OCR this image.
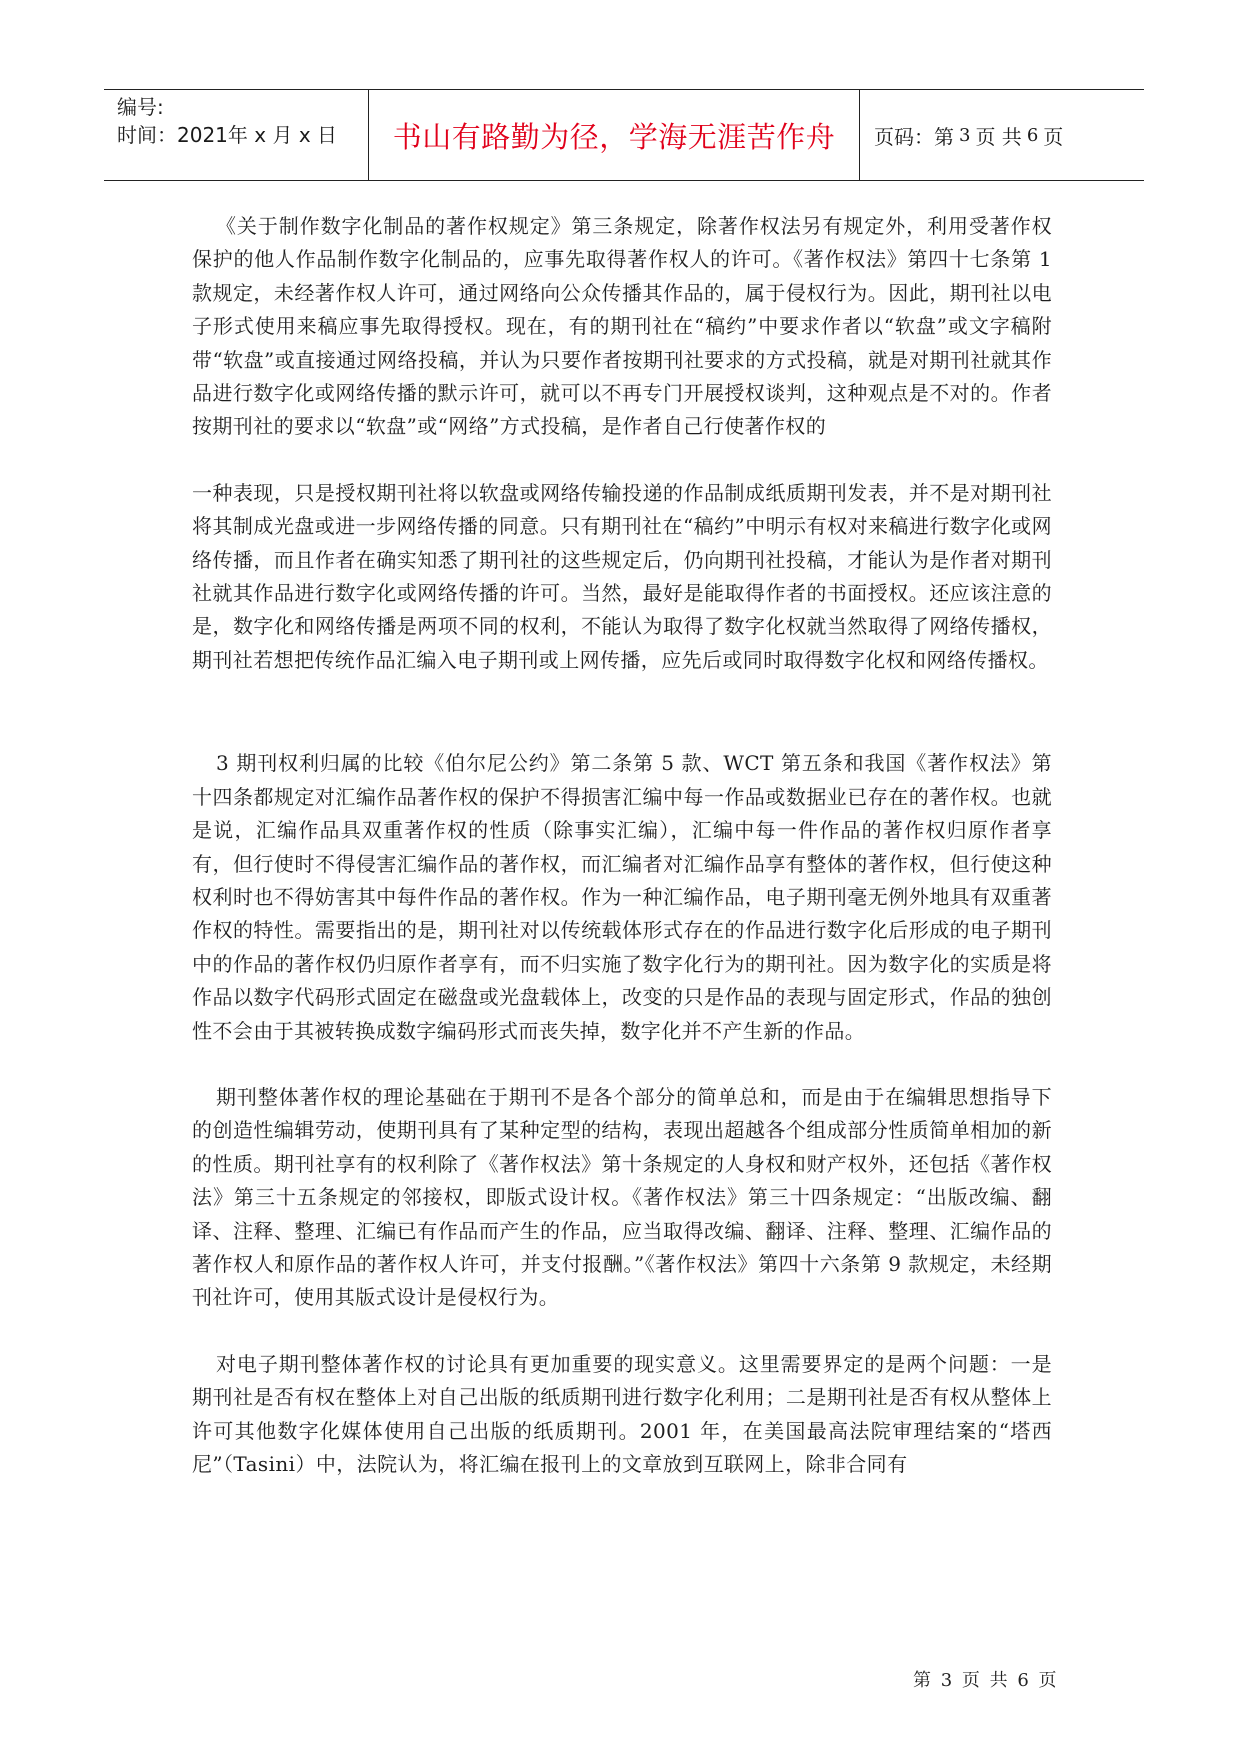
编号:
时间：2021年 x 月 x 日	书山有路勤为径，学海无涯苦作舟 页码：第 3 页 共 6 页

《关于制作数字化制品的著作权规定》第三条规定，除著作权法另有规定外，利用受著作权保护的他人作品制作数字化制品的，应事先取得著作权人的许可。《著作权法》第四十七条第 1 款规定，未经著作权人许可，通过网络向公众传播其作品的，属于侵权行为。因此，期刊社以电子形式使用来稿应事先取得授权。现在，有的期刊社在“稿约”中要求作者以“软盘”或文字稿附带“软盘”或直接通过网络投稿，并认为只要作者按期刊社要求的方式投稿，就是对期刊社就其作品进行数字化或网络传播的默示许可，就可以不再专门开展授权谈判，这种观点是不对的。作者按期刊社的要求以“软盘”或“网络”方式投稿，是作者自己行使著作权的

一种表现，只是授权期刊社将以软盘或网络传输投递的作品制成纸质期刊发表，并不是对期刊社将其制成光盘或进一步网络传播的同意。只有期刊社在“稿约”中明示有权对来稿进行数字化或网络传播，而且作者在确实知悉了期刊社的这些规定后，仍向期刊社投稿，才能认为是作者对期刊社就其作品进行数字化或网络传播的许可。当然，最好是能取得作者的书面授权。还应该注意的是，数字化和网络传播是两项不同的权利，不能认为取得了数字化权就当然取得了网络传播权，期刊社若想把传统作品汇编入电子期刊或上网传播，应先后或同时取得数字化权和网络传播权。

3 期刊权利归属的比较《伯尔尼公约》第二条第 5 款、WCT 第五条和我国《著作权法》第十四条都规定对汇编作品著作权的保护不得损害汇编中每一作品或数据业已存在的著作权。也就是说，汇编作品具双重著作权的性质（除事实汇编），汇编中每一件作品的著作权归原作者享有，但行使时不得侵害汇编作品的著作权，而汇编者对汇编作品享有整体的著作权，但行使这种权利时也不得妨害其中每件作品的著作权。作为一种汇编作品，电子期刊毫无例外地具有双重著作权的特性。需要指出的是，期刊社对以传统载体形式存在的作品进行数字化后形成的电子期刊中的作品的著作权仍归原作者享有，而不归实施了数字化行为的期刊社。因为数字化的实质是将作品以数字代码形式固定在磁盘或光盘载体上，改变的只是作品的表现与固定形式，作品的独创性不会由于其被转换成数字编码形式而丧失掉，数字化并不产生新的作品。

期刊整体著作权的理论基础在于期刊不是各个部分的简单总和，而是由于在编辑思想指导下的创造性编辑劳动，使期刊具有了某种定型的结构，表现出超越各个组成部分性质简单相加的新的性质。期刊社享有的权利除了《著作权法》第十条规定的人身权和财产权外，还包括《著作权法》第三十五条规定的邻接权，即版式设计权。《著作权法》第三十四条规定：“出版改编、翻译、注释、整理、汇编已有作品而产生的作品，应当取得改编、翻译、注释、整理、汇编作品的著作权人和原作品的著作权人许可，并支付报酬。”《著作权法》第四十六条第 9 款规定，未经期刊社许可，使用其版式设计是侵权行为。

对电子期刊整体著作权的讨论具有更加重要的现实意义。这里需要界定的是两个问题：一是期刊社是否有权在整体上对自己出版的纸质期刊进行数字化利用；二是期刊社是否有权从整体上许可其他数字化媒体使用自己出版的纸质期刊。2001 年，在美国最高法院审理结案的“塔西尼”（Tasini）中，法院认为，将汇编在报刊上的文章放到互联网上，除非合同有

第 3 页 共 6 页
